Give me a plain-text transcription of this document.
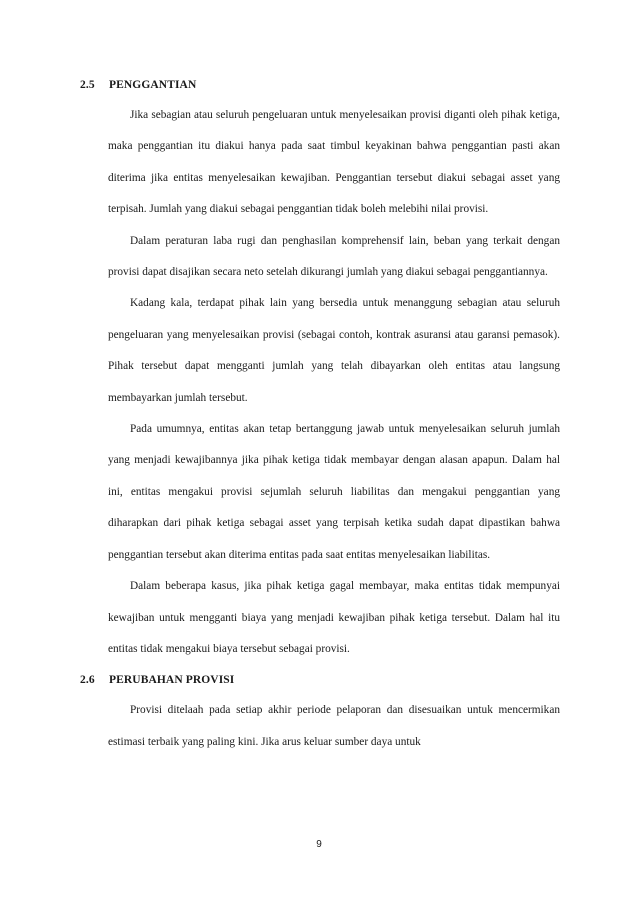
2.5	PENGGANTIAN

Jika sebagian atau seluruh pengeluaran untuk menyelesaikan provisi diganti oleh pihak ketiga, maka penggantian itu diakui hanya pada saat timbul keyakinan bahwa penggantian pasti akan diterima jika entitas menyelesaikan kewajiban. Penggantian tersebut diakui sebagai asset yang terpisah. Jumlah yang diakui sebagai penggantian tidak boleh melebihi nilai provisi.

Dalam peraturan laba rugi dan penghasilan komprehensif lain, beban yang terkait dengan provisi dapat disajikan secara neto setelah dikurangi jumlah yang diakui sebagai penggantiannya.

Kadang kala, terdapat pihak lain yang bersedia untuk menanggung sebagian atau seluruh pengeluaran yang menyelesaikan provisi (sebagai contoh, kontrak asuransi atau garansi pemasok). Pihak tersebut dapat mengganti jumlah yang telah dibayarkan oleh entitas atau langsung membayarkan jumlah tersebut.

Pada umumnya, entitas akan tetap bertanggung jawab untuk menyelesaikan seluruh jumlah yang menjadi kewajibannya jika pihak ketiga tidak membayar dengan alasan apapun. Dalam hal ini, entitas mengakui provisi sejumlah seluruh liabilitas dan mengakui penggantian yang diharapkan dari pihak ketiga sebagai asset yang terpisah ketika sudah dapat dipastikan bahwa penggantian tersebut akan diterima entitas pada saat entitas menyelesaikan liabilitas.

Dalam beberapa kasus, jika pihak ketiga gagal membayar, maka entitas tidak mempunyai kewajiban untuk mengganti biaya yang menjadi kewajiban pihak ketiga tersebut. Dalam hal itu entitas tidak mengakui biaya tersebut sebagai provisi.

2.6	PERUBAHAN PROVISI

Provisi ditelaah pada setiap akhir periode pelaporan dan disesuaikan untuk mencermikan estimasi terbaik yang paling kini. Jika arus keluar sumber daya untuk

9
